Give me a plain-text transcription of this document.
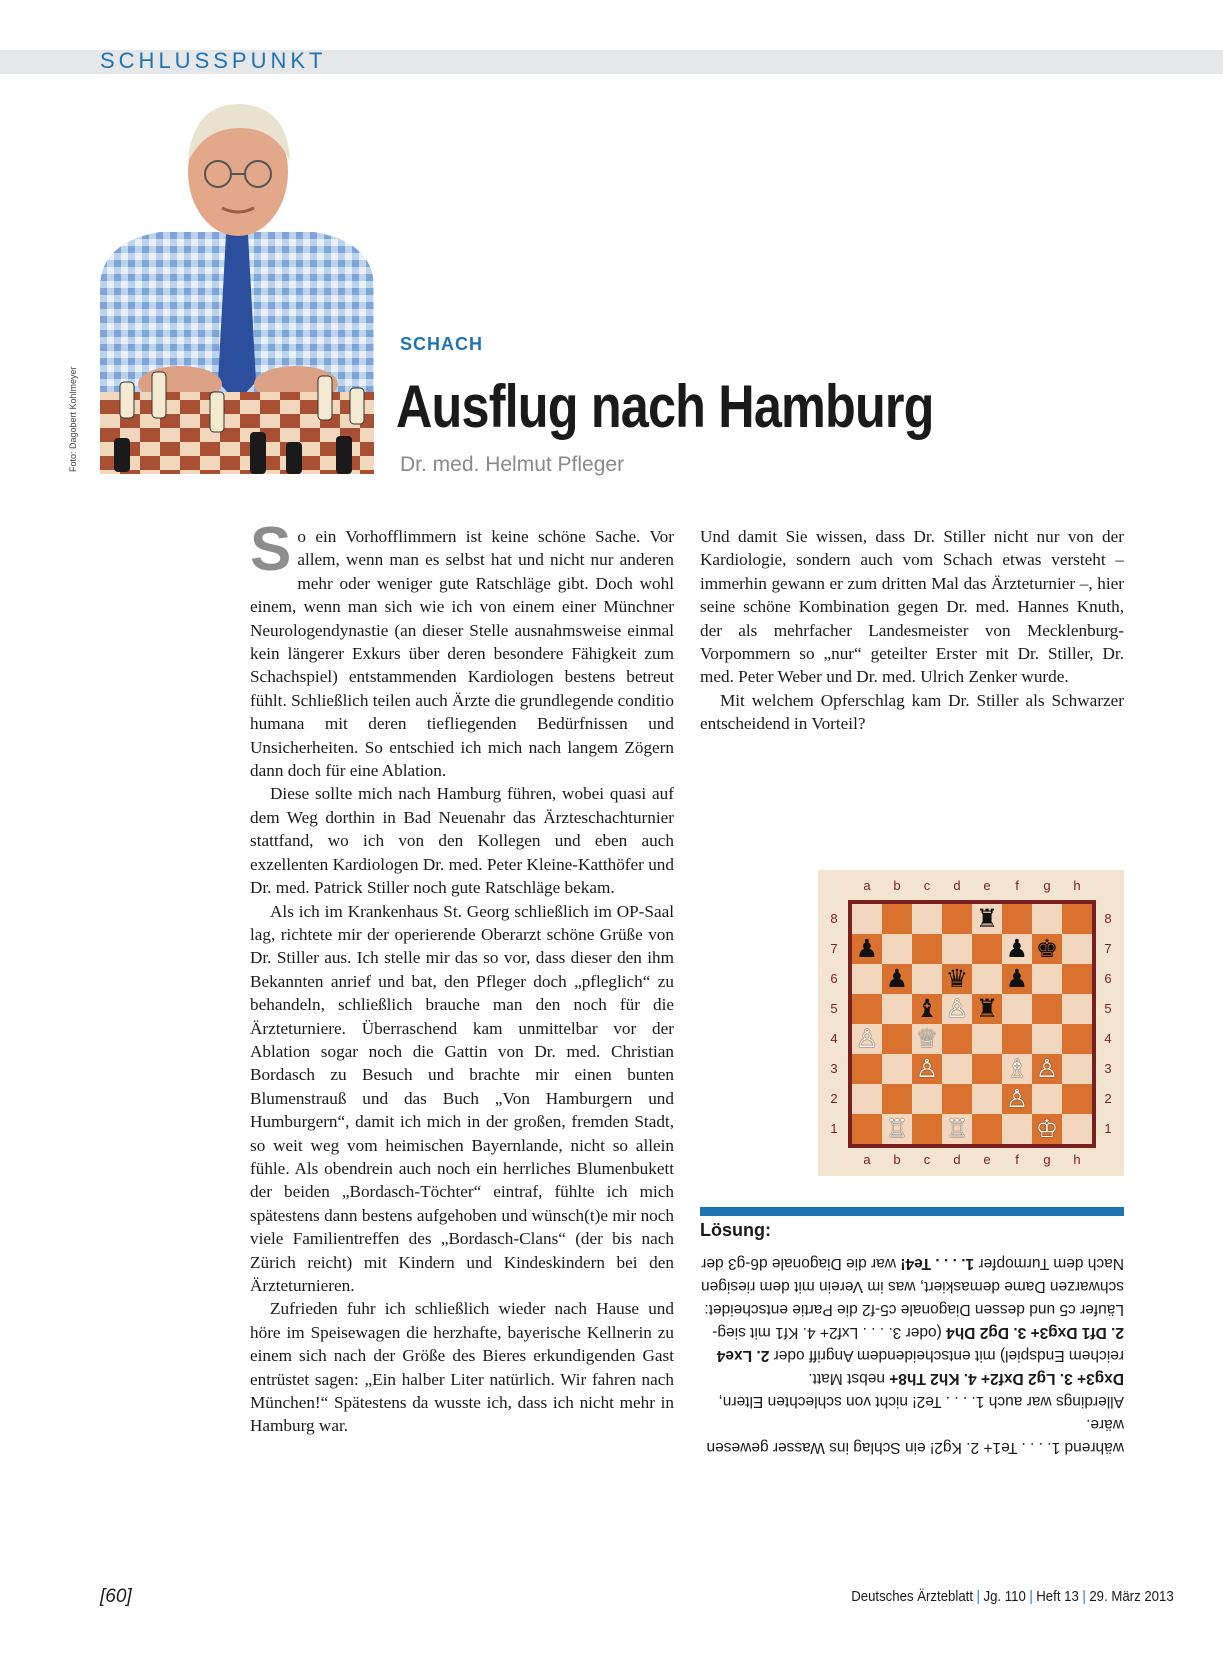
SCHLUSSPUNKT
Foto: Dagobert Kohlmeyer
SCHACH
Ausflug nach Hamburg
Dr. med. Helmut Pfleger

So ein Vorhofflimmern ist keine schöne Sache. Vor allem, wenn man es selbst hat und nicht nur anderen mehr oder weniger gute Ratschläge gibt. Doch wohl einem, wenn man sich wie ich von einem einer Münchner Neurologendynastie (an dieser Stelle ausnahmsweise einmal kein längerer Exkurs über deren besondere Fähigkeit zum Schachspiel) entstammenden Kardiologen bestens betreut fühlt. Schließlich teilen auch Ärzte die grundlegende conditio humana mit deren tiefliegenden Bedürfnissen und Unsicherheiten. So entschied ich mich nach langem Zögern dann doch für eine Ablation.

Diese sollte mich nach Hamburg führen, wobei quasi auf dem Weg dorthin in Bad Neuenahr das Ärzteschachturnier stattfand, wo ich von den Kollegen und eben auch exzellenten Kardiologen Dr. med. Peter Kleine-Katthöfer und Dr. med. Patrick Stiller noch gute Ratschläge bekam.

Als ich im Krankenhaus St. Georg schließlich im OP-Saal lag, richtete mir der operierende Oberarzt schöne Grüße von Dr. Stiller aus. Ich stelle mir das so vor, dass dieser den ihm Bekannten anrief und bat, den Pfleger doch „pfleglich“ zu behandeln, schließlich brauche man den noch für die Ärzteturniere. Überraschend kam unmittelbar vor der Ablation sogar noch die Gattin von Dr. med. Christian Bordasch zu Besuch und brachte mir einen bunten Blumenstrauß und das Buch „Von Hamburgern und Humburgern“, damit ich mich in der großen, fremden Stadt, so weit weg vom heimischen Bayernlande, nicht so allein fühle. Als obendrein auch noch ein herrliches Blumenbukett der beiden „Bordasch-Töchter“ eintraf, fühlte ich mich spätestens dann bestens aufgehoben und wünsch(t)e mir noch viele Familientreffen des „Bordasch-Clans“ (der bis nach Zürich reicht) mit Kindern und Kindeskindern bei den Ärzteturnieren.

Zufrieden fuhr ich schließlich wieder nach Hause und höre im Speisewagen die herzhafte, bayerische Kellnerin zu einem sich nach der Größe des Bieres erkundigenden Gast entrüstet sagen: „Ein halber Liter natürlich. Wir fahren nach München!“ Spätestens da wusste ich, dass ich nicht mehr in Hamburg war.

Und damit Sie wissen, dass Dr. Stiller nicht nur von der Kardiologie, sondern auch vom Schach etwas versteht – immerhin gewann er zum dritten Mal das Ärzteturnier –, hier seine schöne Kombination gegen Dr. med. Hannes Knuth, der als mehrfacher Landesmeister von Mecklenburg-Vorpommern so „nur“ geteilter Erster mit Dr. Stiller, Dr. med. Peter Weber und Dr. med. Ulrich Zenker wurde.

Mit welchem Opferschlag kam Dr. Stiller als Schwarzer entscheidend in Vorteil?

♜
♟	♟ ♚
♟ ♛ ♟
♝ ♙ ♜
♙ ♕
♙	♗ ♙
♙
♖ ♖	♔
a
a
b
b
c
c
d
d
e
e
f
f
g
g
h
h
8	8
7	7
6	6
5	5
4	4
3	3
2	2
1	1
Lösung:

während 1. . . . Te1+ 2. Kg2! ein Schlag ins Wasser gewesen wäre.

Allerdings war auch 1. . . . Te2! nicht von schlechten Eltern,

Dxg3+ 3. Lg2 Dxf2+ 4. Kh2 Th8+ nebst Matt.

reichem Endspiel) mit entscheidendem Angriff oder 2. Lxe4

2. Df1 Dxg3+ 3. Dg2 Dh4 (oder 3. . . . Lxf2+ 4. Kf1 mit sieg-

Läufer c5 und dessen Diagonale c5-f2 die Partie entscheidet:

schwarzen Dame demaskiert, was im Verein mit dem riesigen

Nach dem Turmopfer 1. . . . Te4! war die Diagonale d6-g3 der

[60]	Deutsches Ärzteblatt | Jg. 110 | Heft 13 | 29. März 2013
